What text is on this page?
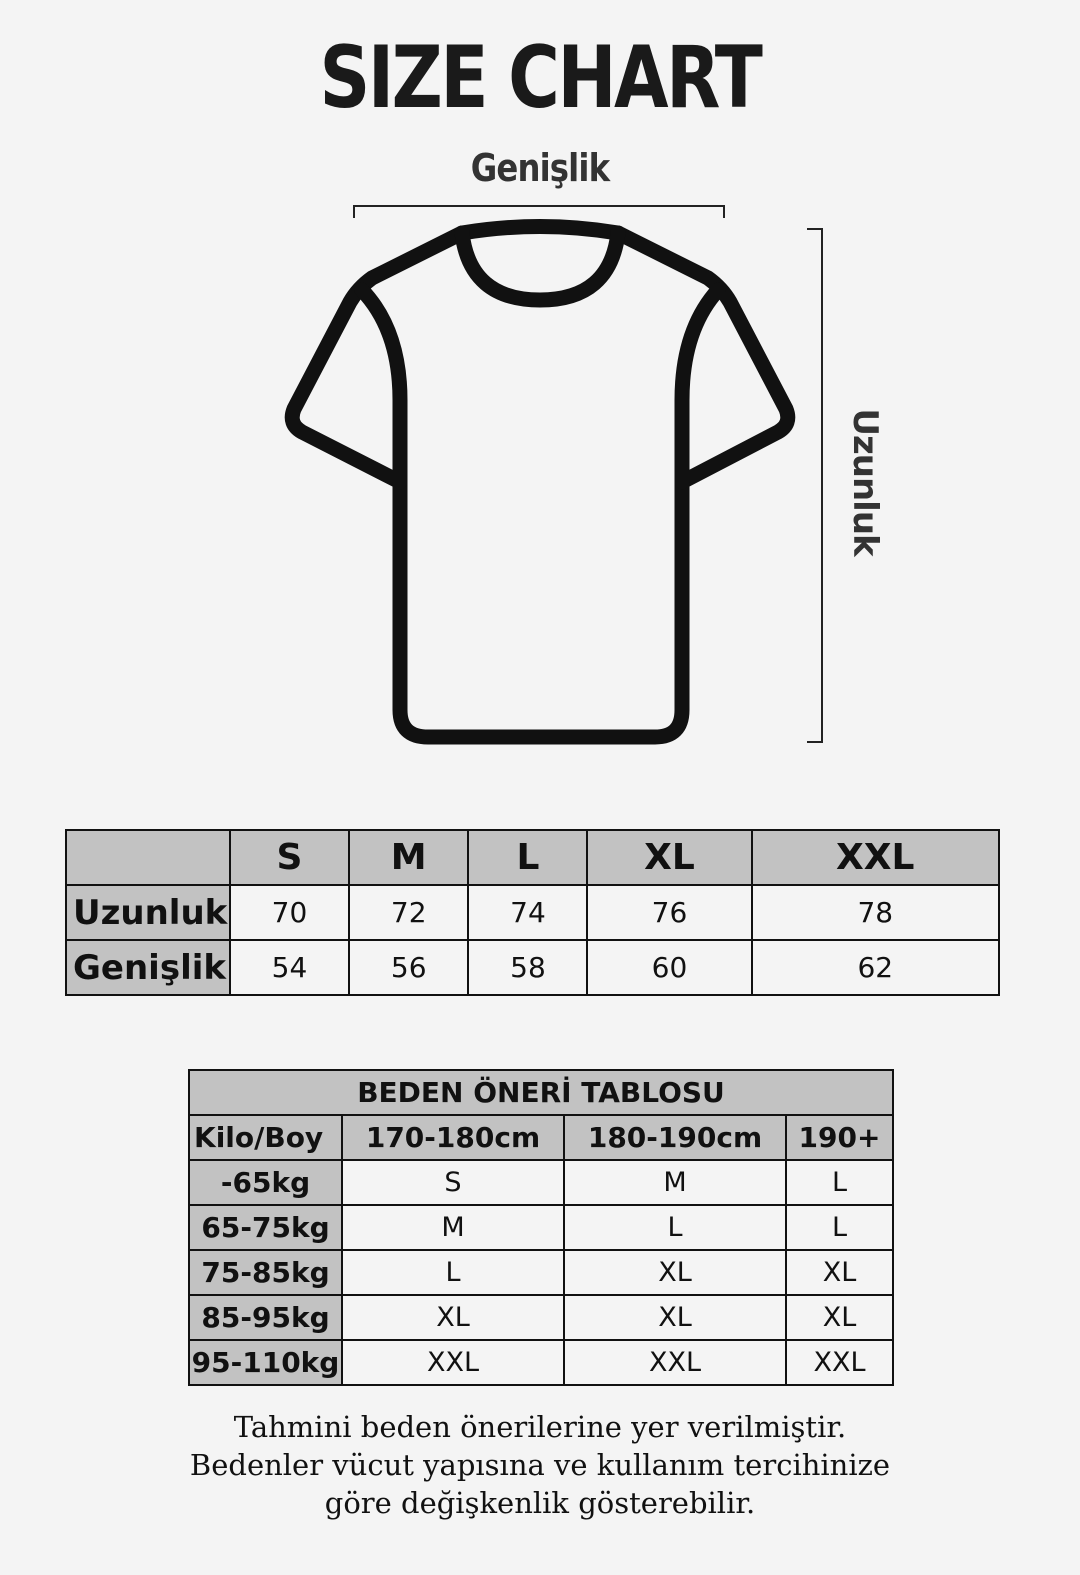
SIZE CHART
Genişlik
Uzunluk
	S	M	L	XL	XXL
Uzunluk	70	72	74	76	78
Genişlik	54	56	58	60	62
BEDEN ÖNERİ TABLOSU			
Kilo/Boy	170-180cm	180-190cm	190+
-65kg	S	M	L
65-75kg	M	L	L
75-85kg	L	XL	XL
85-95kg	XL	XL	XL
95-110kg	XXL	XXL	XXL
Tahmini beden önerilerine yer verilmiştir.
Bedenler vücut yapısına ve kullanım tercihinize
göre değişkenlik gösterebilir.
